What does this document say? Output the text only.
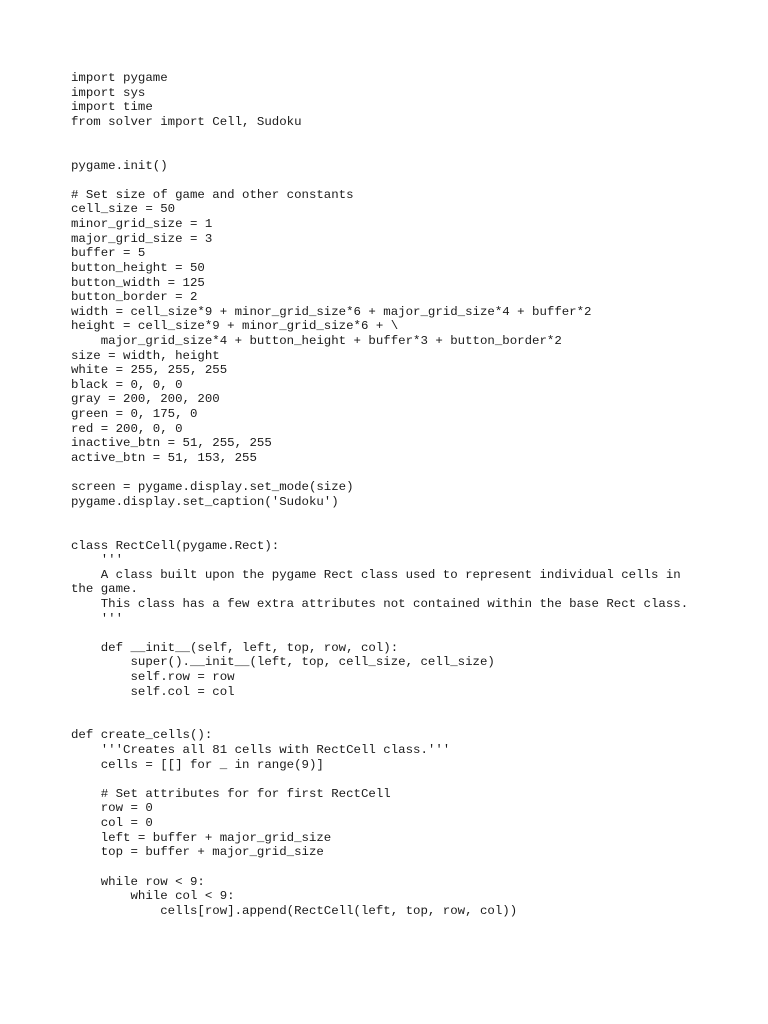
import pygame
import sys
import time
from solver import Cell, Sudoku
pygame.init()
# Set size of game and other constants
cell_size = 50
minor_grid_size = 1
major_grid_size = 3
buffer = 5
button_height = 50
button_width = 125
button_border = 2
width = cell_size*9 + minor_grid_size*6 + major_grid_size*4 + buffer*2
height = cell_size*9 + minor_grid_size*6 + \
major_grid_size*4 + button_height + buffer*3 + button_border*2
size = width, height
white = 255, 255, 255
black = 0, 0, 0
gray = 200, 200, 200
green = 0, 175, 0
red = 200, 0, 0
inactive_btn = 51, 255, 255
active_btn = 51, 153, 255
screen = pygame.display.set_mode(size)
pygame.display.set_caption('Sudoku')
class RectCell(pygame.Rect):
'''
A class built upon the pygame Rect class used to represent individual cells in
the game.
This class has a few extra attributes not contained within the base Rect class.
'''
def __init__(self, left, top, row, col):
super().__init__(left, top, cell_size, cell_size)
self.row = row
self.col = col
def create_cells():
'''Creates all 81 cells with RectCell class.'''
cells = [[] for _ in range(9)]
# Set attributes for for first RectCell
row = 0
col = 0
left = buffer + major_grid_size
top = buffer + major_grid_size
while row < 9:
while col < 9:
cells[row].append(RectCell(left, top, row, col))
